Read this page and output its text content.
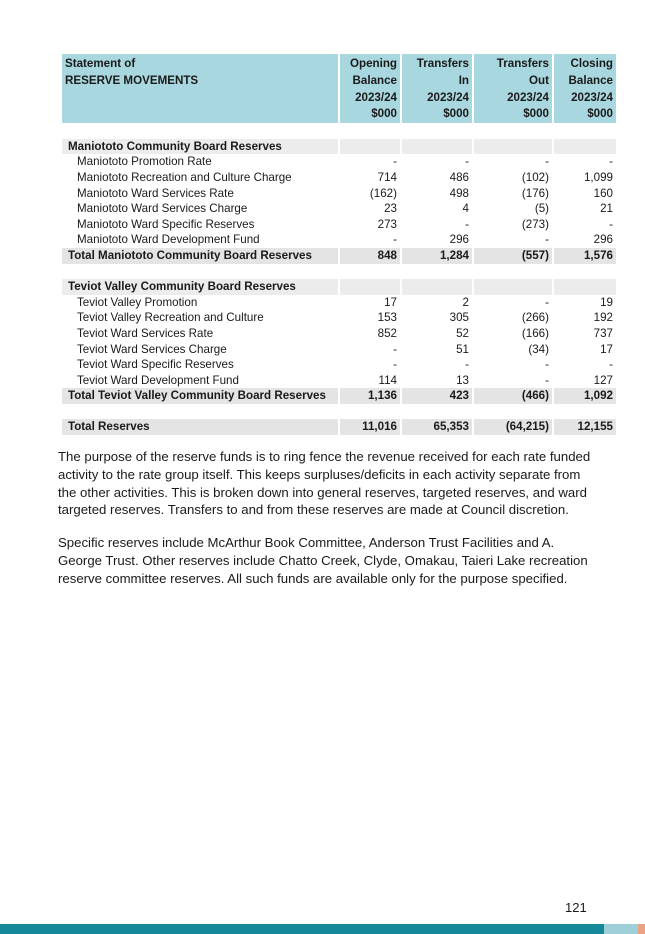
Statement of	Opening	Transfers	Transfers	Closing
RESERVE MOVEMENTS	Balance	In	Out	Balance
	2023/24	2023/24	2023/24	2023/24
	$000	$000	$000	$000

Maniototo Community Board Reserves				
Maniototo Promotion Rate	-	-	-	-
Maniototo Recreation and Culture Charge	714	486	(102)	1,099
Maniototo Ward Services Rate	(162)	498	(176)	160
Maniototo Ward Services Charge	23	4	(5)	21
Maniototo Ward Specific Reserves	273	-	(273)	-
Maniototo Ward Development Fund	-	296	-	296
Total Maniototo Community Board Reserves	848	1,284	(557)	1,576

Teviot Valley Community Board Reserves				
Teviot Valley Promotion	17	2	-	19
Teviot Valley Recreation and Culture	153	305	(266)	192
Teviot Ward Services Rate	852	52	(166)	737
Teviot Ward Services Charge	-	51	(34)	17
Teviot Ward Specific Reserves	-	-	-	-
Teviot Ward Development Fund	114	13	-	127
Total Teviot Valley Community Board Reserves	1,136	423	(466)	1,092

Total Reserves	11,016	65,353	(64,215)	12,155

The purpose of the reserve funds is to ring fence the revenue received for each rate funded activity to the rate group itself. This keeps surpluses/deficits in each activity separate from the other activities. This is broken down into general reserves, targeted reserves, and ward targeted reserves. Transfers to and from these reserves are made at Council discretion.

Specific reserves include McArthur Book Committee, Anderson Trust Facilities and A. George Trust. Other reserves include Chatto Creek, Clyde, Omakau, Taieri Lake recreation reserve committee reserves. All such funds are available only for the purpose specified.

121
